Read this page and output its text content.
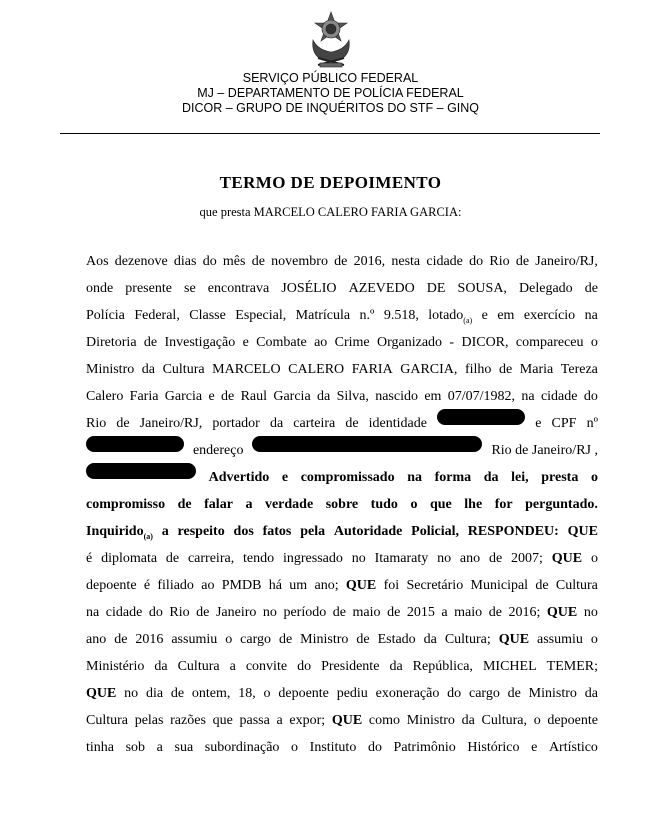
SERVIÇO PÚBLICO FEDERAL
MJ – DEPARTAMENTO DE POLÍCIA FEDERAL
DICOR – GRUPO DE INQUÉRITOS DO STF – GINQ
TERMO DE DEPOIMENTO
que presta MARCELO CALERO FARIA GARCIA:
Aos dezenove dias do mês de novembro de 2016, nesta cidade do Rio de Janeiro/RJ,
onde presente se encontrava JOSÉLIO AZEVEDO DE SOUSA, Delegado de
Polícia Federal, Classe Especial, Matrícula n.º 9.518, lotado$_{(a)}$ e em exercício na
Diretoria de Investigação e Combate ao Crime Organizado - DICOR, compareceu o
Ministro da Cultura MARCELO CALERO FARIA GARCIA, filho de Maria Tereza
Calero Faria Garcia e de Raul Garcia da Silva, nascido em 07/07/1982, na cidade do
Rio de Janeiro/RJ, portador da carteira de identidade	e CPF nº
endereço	Rio de Janeiro/RJ ,
Advertido e compromissado na forma da lei, presta o
compromisso de falar a verdade sobre tudo o que lhe for perguntado.
Inquirido$_{(a)}$ a respeito dos fatos pela Autoridade Policial, RESPONDEU: QUE
é diplomata de carreira, tendo ingressado no Itamaraty no ano de 2007; QUE o
depoente é filiado ao PMDB há um ano; QUE foi Secretário Municipal de Cultura
na cidade do Rio de Janeiro no período de maio de 2015 a maio de 2016; QUE no
ano de 2016 assumiu o cargo de Ministro de Estado da Cultura; QUE assumiu o
Ministério da Cultura a convite do Presidente da República, MICHEL TEMER;
QUE no dia de ontem, 18, o depoente pediu exoneração do cargo de Ministro da
Cultura pelas razões que passa a expor; QUE como Ministro da Cultura, o depoente
tinha sob a sua subordinação o Instituto do Patrimônio Histórico e Artístico
